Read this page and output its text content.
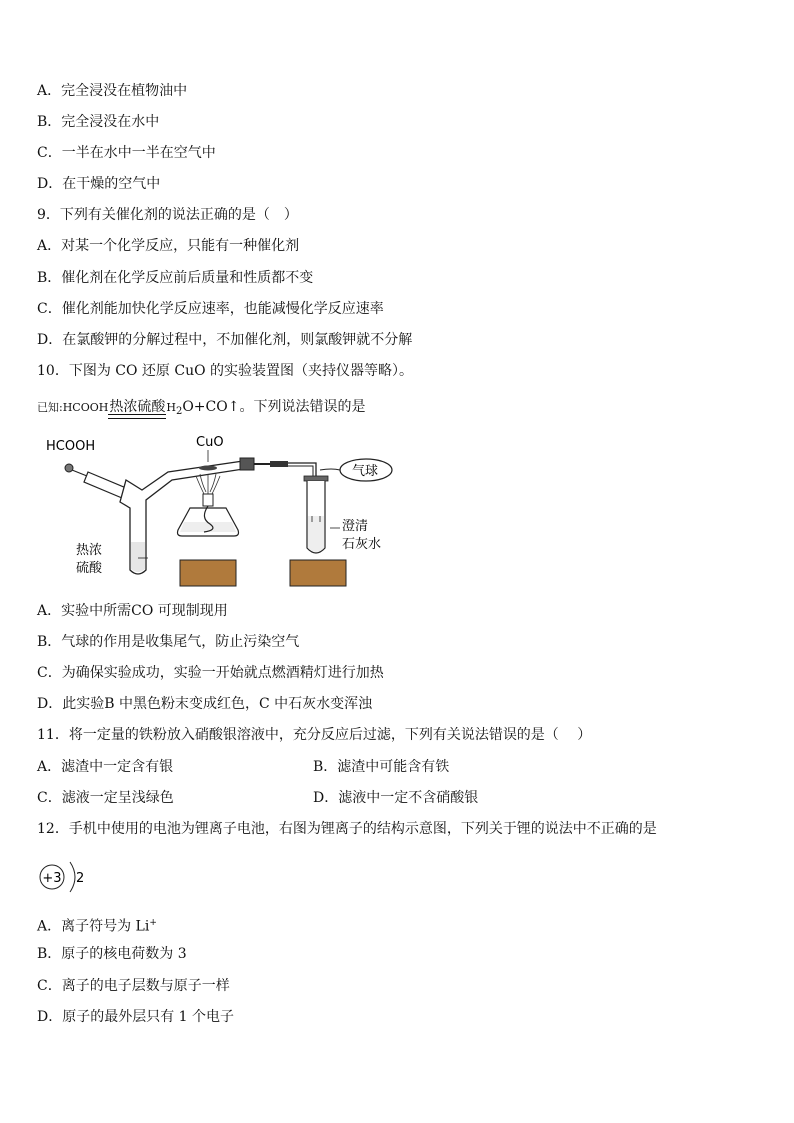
A．完全浸没在植物油中
B．完全浸没在水中
C．一半在水中一半在空气中
D．在干燥的空气中
9．下列有关催化剂的说法正确的是（　）
A．对某一个化学反应，只能有一种催化剂
B．催化剂在化学反应前后质量和性质都不变
C．催化剂能加快化学反应速率，也能减慢化学反应速率
D．在氯酸钾的分解过程中，不加催化剂，则氯酸钾就不分解
10．下图为 CO 还原 CuO 的实验装置图（夹持仪器等略）。
已知:HCOOH热浓硫酸
$H_2O+CO↑$。下列说法错误的是
HCOOH
热浓
硫酸
CuO
澄清
石灰水
气球
A．实验中所需CO 可现制现用
B．气球的作用是收集尾气，防止污染空气
C．为确保实验成功，实验一开始就点燃酒精灯进行加热
D．此实验B 中黑色粉末变成红色，C 中石灰水变浑浊
11．将一定量的铁粉放入硝酸银溶液中，充分反应后过滤，下列有关说法错误的是（　 ）
A．滤渣中一定含有银	B．滤渣中可能含有铁
C．滤液一定呈浅绿色	D．滤液中一定不含硝酸银
12．手机中使用的电池为锂离子电池，右图为锂离子的结构示意图，下列关于锂的说法中不正确的是
+3 2
A．离子符号为 Li+
B．原子的核电荷数为 3
C．离子的电子层数与原子一样
D．原子的最外层只有 1 个电子
